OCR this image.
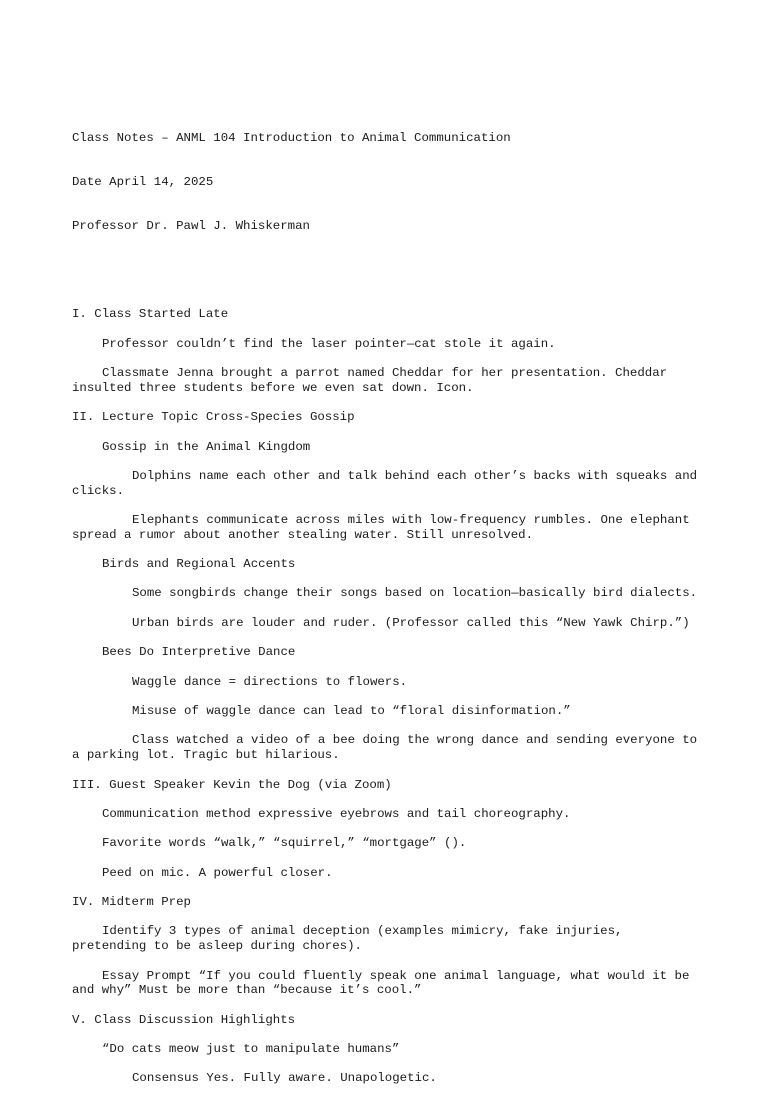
Class Notes – ANML 104 Introduction to Animal Communication

Date April 14, 2025

Professor Dr. Pawl J. Whiskerman

I. Class Started Late

Professor couldn’t find the laser pointer—cat stole it again.

Classmate Jenna brought a parrot named Cheddar for her presentation. Cheddar insulted three students before we even sat down. Icon.

II. Lecture Topic Cross-Species Gossip

Gossip in the Animal Kingdom

Dolphins name each other and talk behind each other’s backs with squeaks and clicks.

Elephants communicate across miles with low-frequency rumbles. One elephant spread a rumor about another stealing water. Still unresolved.

Birds and Regional Accents

Some songbirds change their songs based on location—basically bird dialects.

Urban birds are louder and ruder. (Professor called this “New Yawk Chirp.”)

Bees Do Interpretive Dance

Waggle dance = directions to flowers.

Misuse of waggle dance can lead to “floral disinformation.”

Class watched a video of a bee doing the wrong dance and sending everyone to a parking lot. Tragic but hilarious.

III. Guest Speaker Kevin the Dog (via Zoom)

Communication method expressive eyebrows and tail choreography.

Favorite words “walk,” “squirrel,” “mortgage” ().

Peed on mic. A powerful closer.

IV. Midterm Prep

Identify 3 types of animal deception (examples mimicry, fake injuries, pretending to be asleep during chores).

Essay Prompt “If you could fluently speak one animal language, what would it be and why” Must be more than “because it’s cool.”

V. Class Discussion Highlights

“Do cats meow just to manipulate humans”

Consensus Yes. Fully aware. Unapologetic.
